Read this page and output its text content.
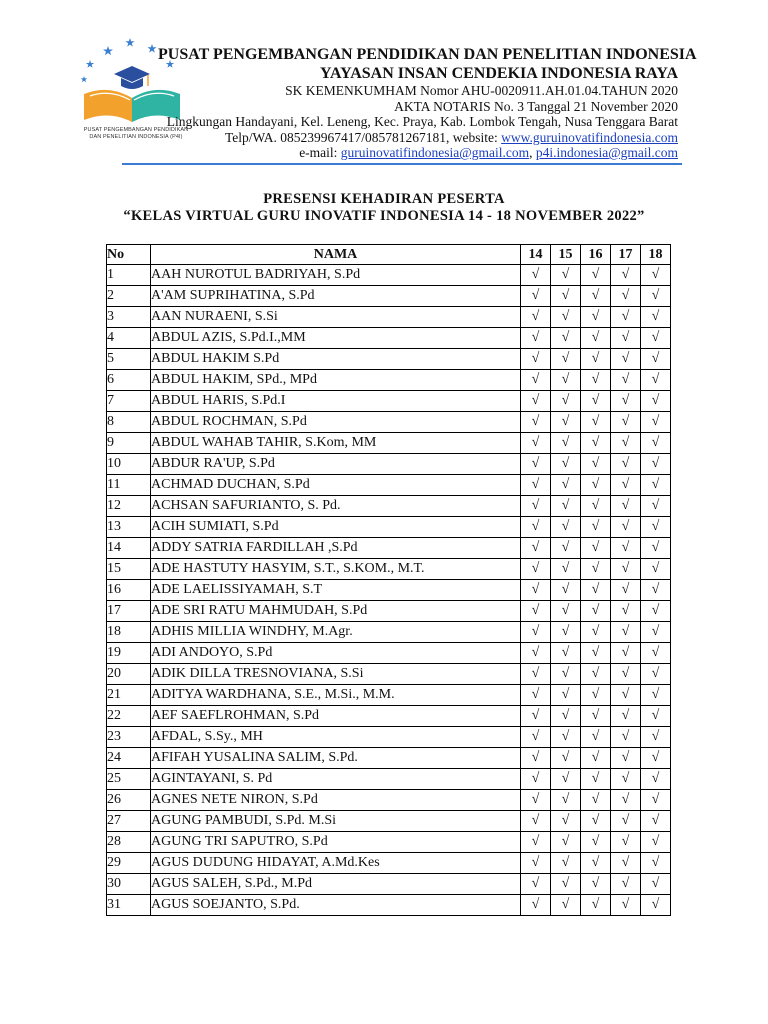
PUSAT PENGEMBANGAN PENDIDIKAN
DAN PENELITIAN INDONESIA (P4I)
PUSAT PENGEMBANGAN PENDIDIKAN DAN PENELITIAN INDONESIA
YAYASAN INSAN CENDEKIA INDONESIA RAYA
SK KEMENKUMHAM Nomor AHU-0020911.AH.01.04.TAHUN 2020
AKTA NOTARIS No. 3 Tanggal 21 November 2020
Lingkungan Handayani, Kel. Leneng, Kec. Praya, Kab. Lombok Tengah, Nusa Tenggara Barat
Telp/WA. 085239967417/085781267181, website: www.guruinovatifindonesia.com
e-mail: guruinovatifindonesia@gmail.com, p4i.indonesia@gmail.com
PRESENSI KEHADIRAN PESERTA
“KELAS VIRTUAL GURU INOVATIF INDONESIA 14 - 18 NOVEMBER 2022”
No	NAMA	14	15	16	17	18
1	AAH NUROTUL BADRIYAH, S.Pd	√	√	√	√	√
2	A'AM SUPRIHATINA, S.Pd	√	√	√	√	√
3	AAN NURAENI, S.Si	√	√	√	√	√
4	ABDUL AZIS, S.Pd.I.,MM	√	√	√	√	√
5	ABDUL HAKIM S.Pd	√	√	√	√	√
6	ABDUL HAKIM, SPd., MPd	√	√	√	√	√
7	ABDUL HARIS, S.Pd.I	√	√	√	√	√
8	ABDUL ROCHMAN, S.Pd	√	√	√	√	√
9	ABDUL WAHAB TAHIR, S.Kom, MM	√	√	√	√	√
10	ABDUR RA'UP, S.Pd	√	√	√	√	√
11	ACHMAD DUCHAN, S.Pd	√	√	√	√	√
12	ACHSAN SAFURIANTO, S. Pd.	√	√	√	√	√
13	ACIH SUMIATI, S.Pd	√	√	√	√	√
14	ADDY SATRIA FARDILLAH ,S.Pd	√	√	√	√	√
15	ADE HASTUTY HASYIM, S.T., S.KOM., M.T.	√	√	√	√	√
16	ADE LAELISSIYAMAH, S.T	√	√	√	√	√
17	ADE SRI RATU MAHMUDAH, S.Pd	√	√	√	√	√
18	ADHIS MILLIA WINDHY, M.Agr.	√	√	√	√	√
19	ADI ANDOYO, S.Pd	√	√	√	√	√
20	ADIK DILLA TRESNOVIANA, S.Si	√	√	√	√	√
21	ADITYA WARDHANA, S.E., M.Si., M.M.	√	√	√	√	√
22	AEF SAEFLROHMAN, S.Pd	√	√	√	√	√
23	AFDAL, S.Sy., MH	√	√	√	√	√
24	AFIFAH YUSALINA SALIM, S.Pd.	√	√	√	√	√
25	AGINTAYANI, S. Pd	√	√	√	√	√
26	AGNES NETE NIRON, S.Pd	√	√	√	√	√
27	AGUNG PAMBUDI, S.Pd. M.Si	√	√	√	√	√
28	AGUNG TRI SAPUTRO, S.Pd	√	√	√	√	√
29	AGUS DUDUNG HIDAYAT, A.Md.Kes	√	√	√	√	√
30	AGUS SALEH, S.Pd., M.Pd	√	√	√	√	√
31	AGUS SOEJANTO, S.Pd.	√	√	√	√	√
